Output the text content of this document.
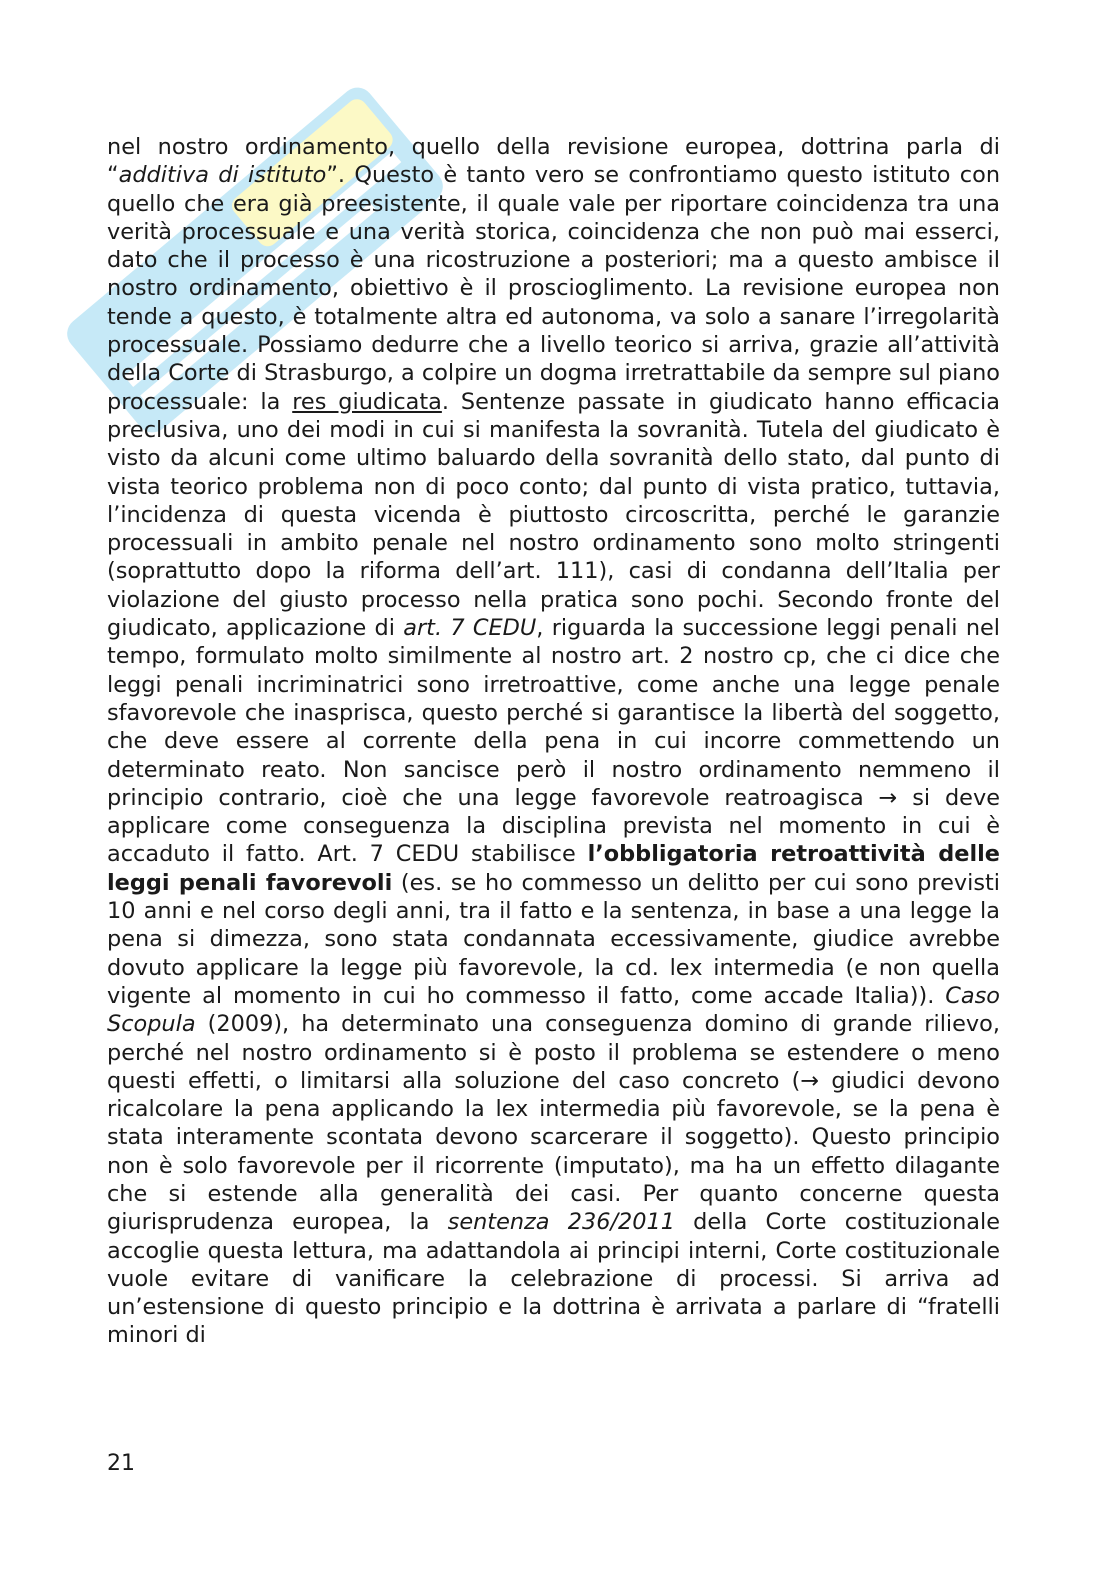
nel nostro ordinamento, quello della revisione europea, dottrina parla di “additiva di istituto”. Questo è tanto vero se confrontiamo questo istituto con quello che era già preesistente, il quale vale per riportare coincidenza tra una verità processuale e una verità storica, coincidenza che non può mai esserci, dato che il processo è una ricostruzione a posteriori; ma a questo ambisce il nostro ordinamento, obiettivo è il proscioglimento. La revisione europea non tende a questo, è totalmente altra ed autonoma, va solo a sanare l’irregolarità processuale. Possiamo dedurre che a livello teorico si arriva, grazie all’attività della Corte di Strasburgo, a colpire un dogma irretrattabile da sempre sul piano processuale: la res giudicata. Sentenze passate in giudicato hanno efficacia preclusiva, uno dei modi in cui si manifesta la sovranità. Tutela del giudicato è visto da alcuni come ultimo baluardo della sovranità dello stato, dal punto di vista teorico problema non di poco conto; dal punto di vista pratico, tuttavia, l’incidenza di questa vicenda è piuttosto circoscritta, perché le garanzie processuali in ambito penale nel nostro ordinamento sono molto stringenti (soprattutto dopo la riforma dell’art. 111), casi di condanna dell’Italia per violazione del giusto processo nella pratica sono pochi. Secondo fronte del giudicato, applicazione di art. 7 CEDU, riguarda la successione leggi penali nel tempo, formulato molto similmente al nostro art. 2 nostro cp, che ci dice che leggi penali incriminatrici sono irretroattive, come anche una legge penale sfavorevole che inasprisca, questo perché si garantisce la libertà del soggetto, che deve essere al corrente della pena in cui incorre commettendo un determinato reato. Non sancisce però il nostro ordinamento nemmeno il principio contrario, cioè che una legge favorevole reatroagisca → si deve applicare come conseguenza la disciplina prevista nel momento in cui è accaduto il fatto. Art. 7 CEDU stabilisce l’obbligatoria retroattività delle leggi penali favorevoli (es. se ho commesso un delitto per cui sono previsti 10 anni e nel corso degli anni, tra il fatto e la sentenza, in base a una legge la pena si dimezza, sono stata condannata eccessivamente, giudice avrebbe dovuto applicare la legge più favorevole, la cd. lex intermedia (e non quella vigente al momento in cui ho commesso il fatto, come accade Italia)). Caso Scopula (2009), ha determinato una conseguenza domino di grande rilievo, perché nel nostro ordinamento si è posto il problema se estendere o meno questi effetti, o limitarsi alla soluzione del caso concreto (→ giudici devono ricalcolare la pena applicando la lex intermedia più favorevole, se la pena è stata interamente scontata devono scarcerare il soggetto). Questo principio non è solo favorevole per il ricorrente (imputato), ma ha un effetto dilagante che si estende alla generalità dei casi. Per quanto concerne questa giurisprudenza europea, la sentenza 236/2011 della Corte costituzionale accoglie questa lettura, ma adattandola ai principi interni, Corte costituzionale vuole evitare di vanificare la celebrazione di processi. Si arriva ad un’estensione di questo principio e la dottrina è arrivata a parlare di “fratelli minori di

21
